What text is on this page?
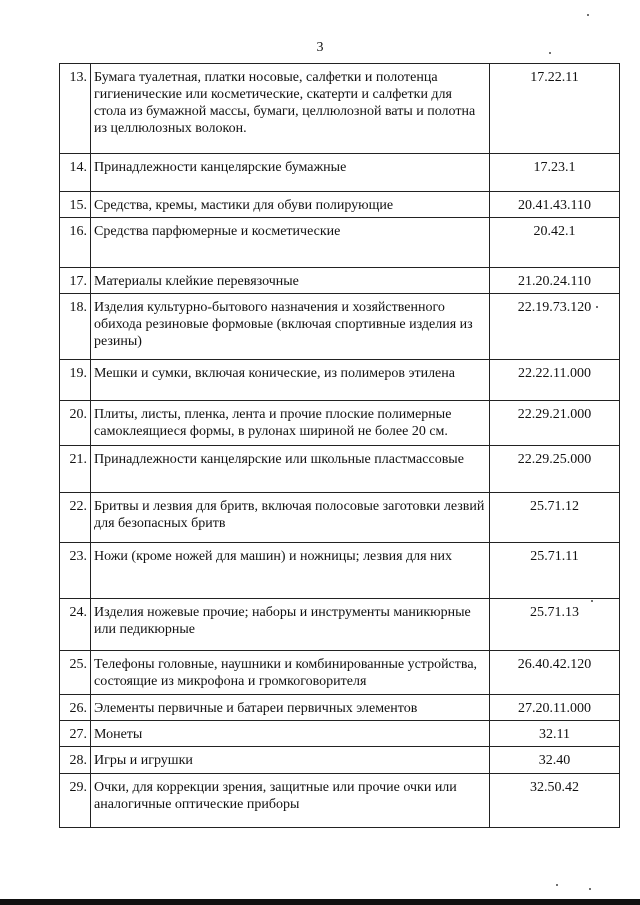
3
13.	Бумага туалетная, платки носовые, салфетки и полотенца гигиенические или косметические, скатерти и салфетки для стола из бумажной массы, бумаги, целлюлозной ваты и полотна из целлюлозных волокон.	17.22.11
14.	Принадлежности канцелярские бумажные	17.23.1
15.	Средства, кремы, мастики для обуви полирующие	20.41.43.110
16.	Средства парфюмерные и косметические	20.42.1
17.	Материалы клейкие перевязочные	21.20.24.110
18.	Изделия культурно-бытового назначения и хозяйственного обихода резиновые формовые (включая спортивные изделия из резины)	22.19.73.120
19.	Мешки и сумки, включая конические, из полимеров этилена	22.22.11.000
20.	Плиты, листы, пленка, лента и прочие плоские полимерные самоклеящиеся формы, в рулонах шириной не более 20 см.	22.29.21.000
21.	Принадлежности канцелярские или школьные пластмассовые	22.29.25.000
22.	Бритвы и лезвия для бритв, включая полосовые заготовки лезвий для безопасных бритв	25.71.12
23.	Ножи (кроме ножей для машин) и ножницы; лезвия для них	25.71.11
24.	Изделия ножевые прочие; наборы и инструменты маникюрные или педикюрные	25.71.13
25.	Телефоны головные, наушники и комбинированные устройства, состоящие из микрофона и громкоговорителя	26.40.42.120
26.	Элементы первичные и батареи первичных элементов	27.20.11.000
27.	Монеты	32.11
28.	Игры и игрушки	32.40
29.	Очки, для коррекции зрения, защитные или прочие очки или аналогичные оптические приборы	32.50.42
